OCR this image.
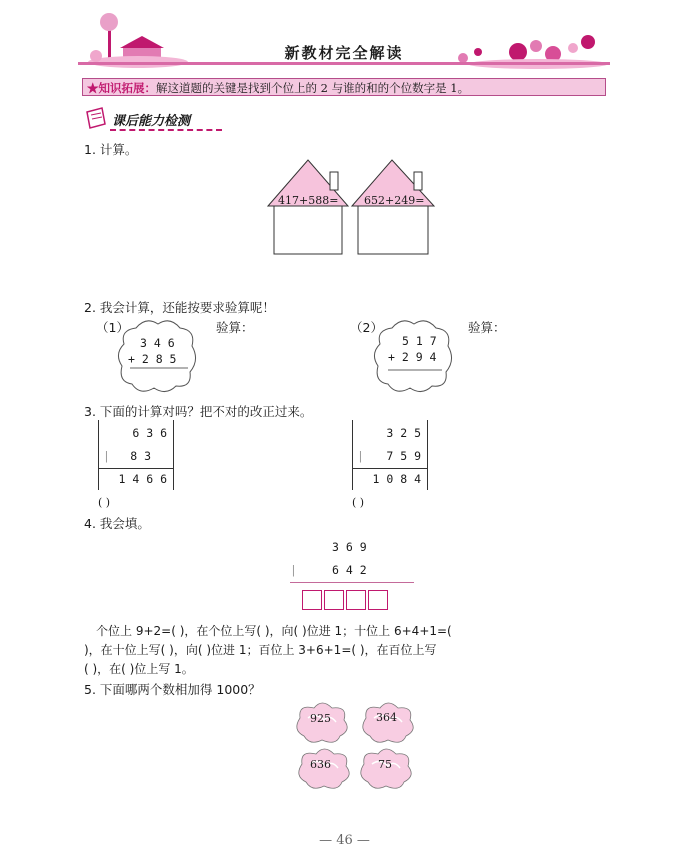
新教材完全解读
★知识拓展：解这道题的关键是找到个位上的 2 与谁的和的个位数字是 1。
课后能力检测
1. 计算。
417+588= 652+249=
2. 我会计算，还能按要求验算呢！
（1）	（2）
验算：	验算：
3 4 6
+ 2 8 5
5 1 7
+ 2 9 4
3. 下面的计算对吗？把不对的改正过来。
6 3 6
| 8 3
1 4 6 6
( )
3 2 5
| 7 5 9
1 0 8 4
( )
4. 我会填。
3 6 9
|	6 4 2
个位上 9+2=( )，在个位上写( )，向( )位进 1；十位上 6+4+1=(
)，在十位上写( )，向( )位进 1；百位上 3+6+1=( )，在百位上写
( )，在( )位上写 1。
5. 下面哪两个数相加得 1000？
925	364
636	75
— 46 —
